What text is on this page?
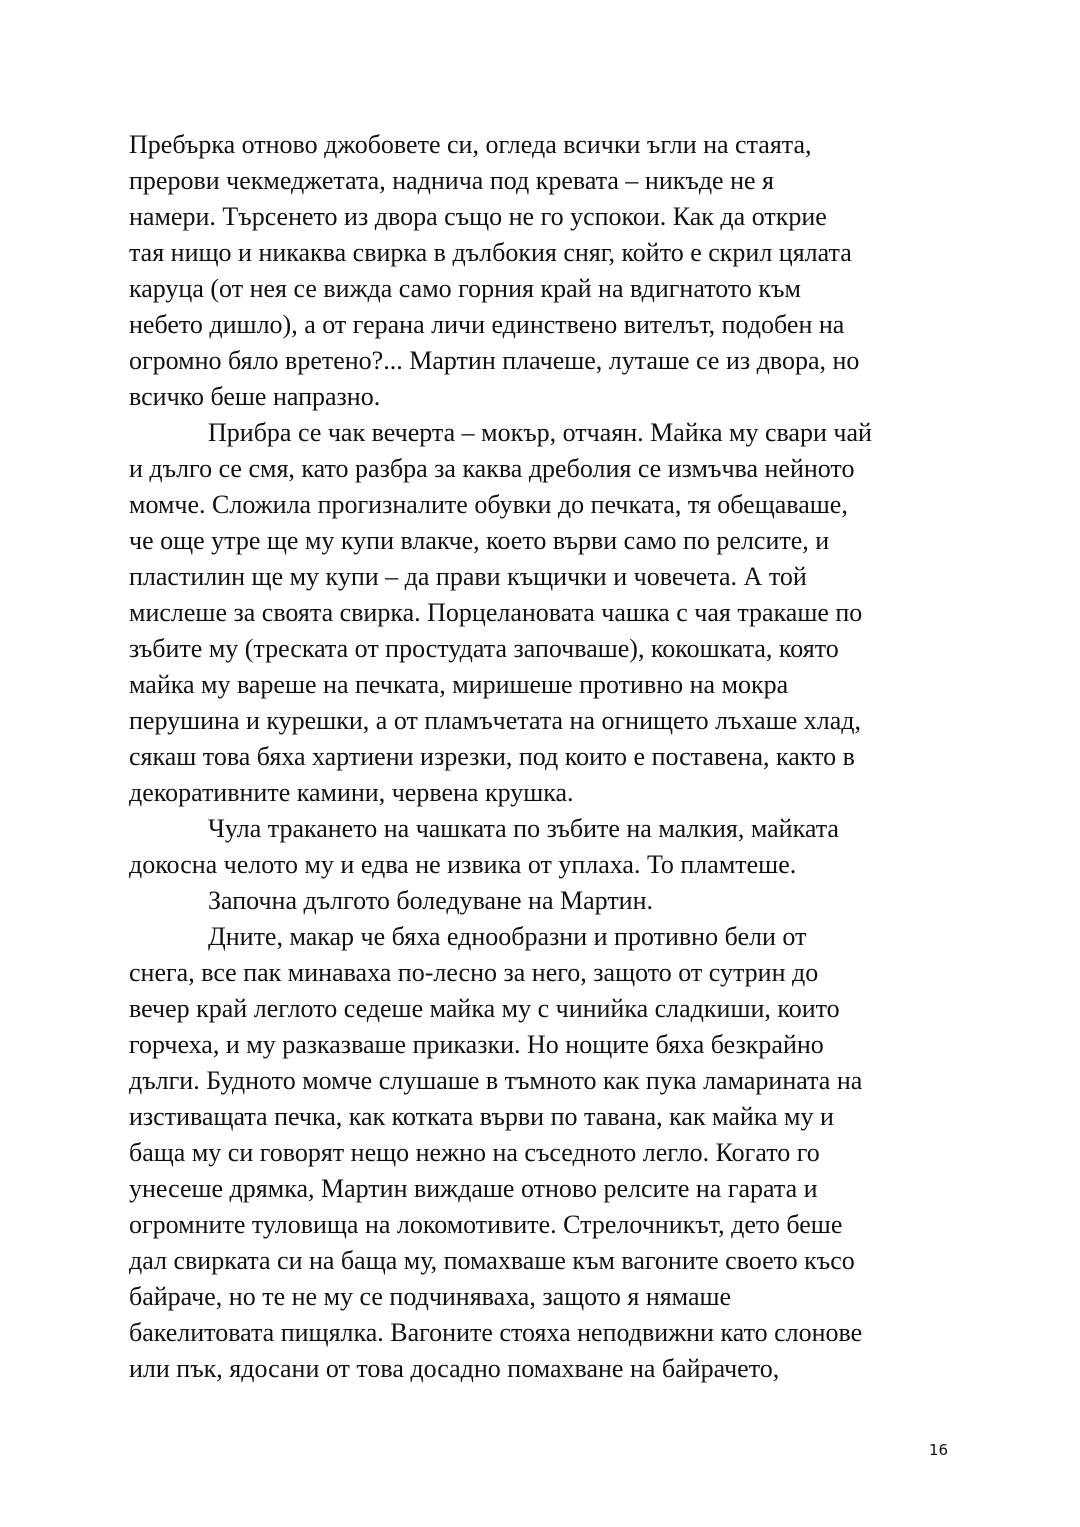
Пребърка отново джобовете си, огледа всички ъгли на стаята,
прерови чекмеджетата, надничa под кревата – никъде не я
намери. Търсенето из двора също не го успокои. Как да открие
тая нищо и никаква свирка в дълбокия сняг, който е скрил цялата
каруца (от нея се вижда само горния край на вдигнатото към
небето дишло), а от герана личи единствено вителът, подобен на
огромно бяло вретено?... Мартин плачеше, луташе се из двора, но
всичко беше напразно.
Прибра се чак вечерта – мокър, отчаян. Майка му свари чай
и дълго се смя, като разбра за каква дреболия се измъчва нейното
момче. Сложила прогизналите обувки до печката, тя обещаваше,
че още утре ще му купи влакче, което върви само по релсите, и
пластилин ще му купи – да прави къщички и човечета. А той
мислеше за своята свирка. Порцелановата чашка с чая тракаше по
зъбите му (треската от простудата започваше), кокошката, която
майка му вареше на печката, миришеше противно на мокра
перушина и курешки, а от пламъчетата на огнището лъхаше хлад,
сякаш това бяха хартиени изрезки, под които е поставена, както в
декоративните камини, червена крушка.
Чула тракането на чашката по зъбите на малкия, майката
докосна челото му и едва не извика от уплаха. То пламтеше.
Започна дългото боледуване на Мартин.
Дните, макар че бяха еднообразни и противно бели от
снега, все пак минаваха по-лесно за него, защото от сутрин до
вечер край леглото седеше майка му с чинийка сладкиши, които
горчеха, и му разказваше приказки. Но нощите бяха безкрайно
дълги. Будното момче слушаше в тъмното как пука ламарината на
изстиващата печка, как котката върви по тавана, как майка му и
баща му си говорят нещо нежно на съседното легло. Когато го
унесеше дрямка, Мартин виждаше отново релсите на гарата и
огромните туловища на локомотивите. Стрелочникът, дето беше
дал свирката си на баща му, помахваше към вагоните своето късо
байраче, но те не му се подчиняваха, защото я нямаше
бакелитовата пищялка. Вагоните стояха неподвижни като слонове
или пък, ядосани от това досадно помахване на байрачето,
16
